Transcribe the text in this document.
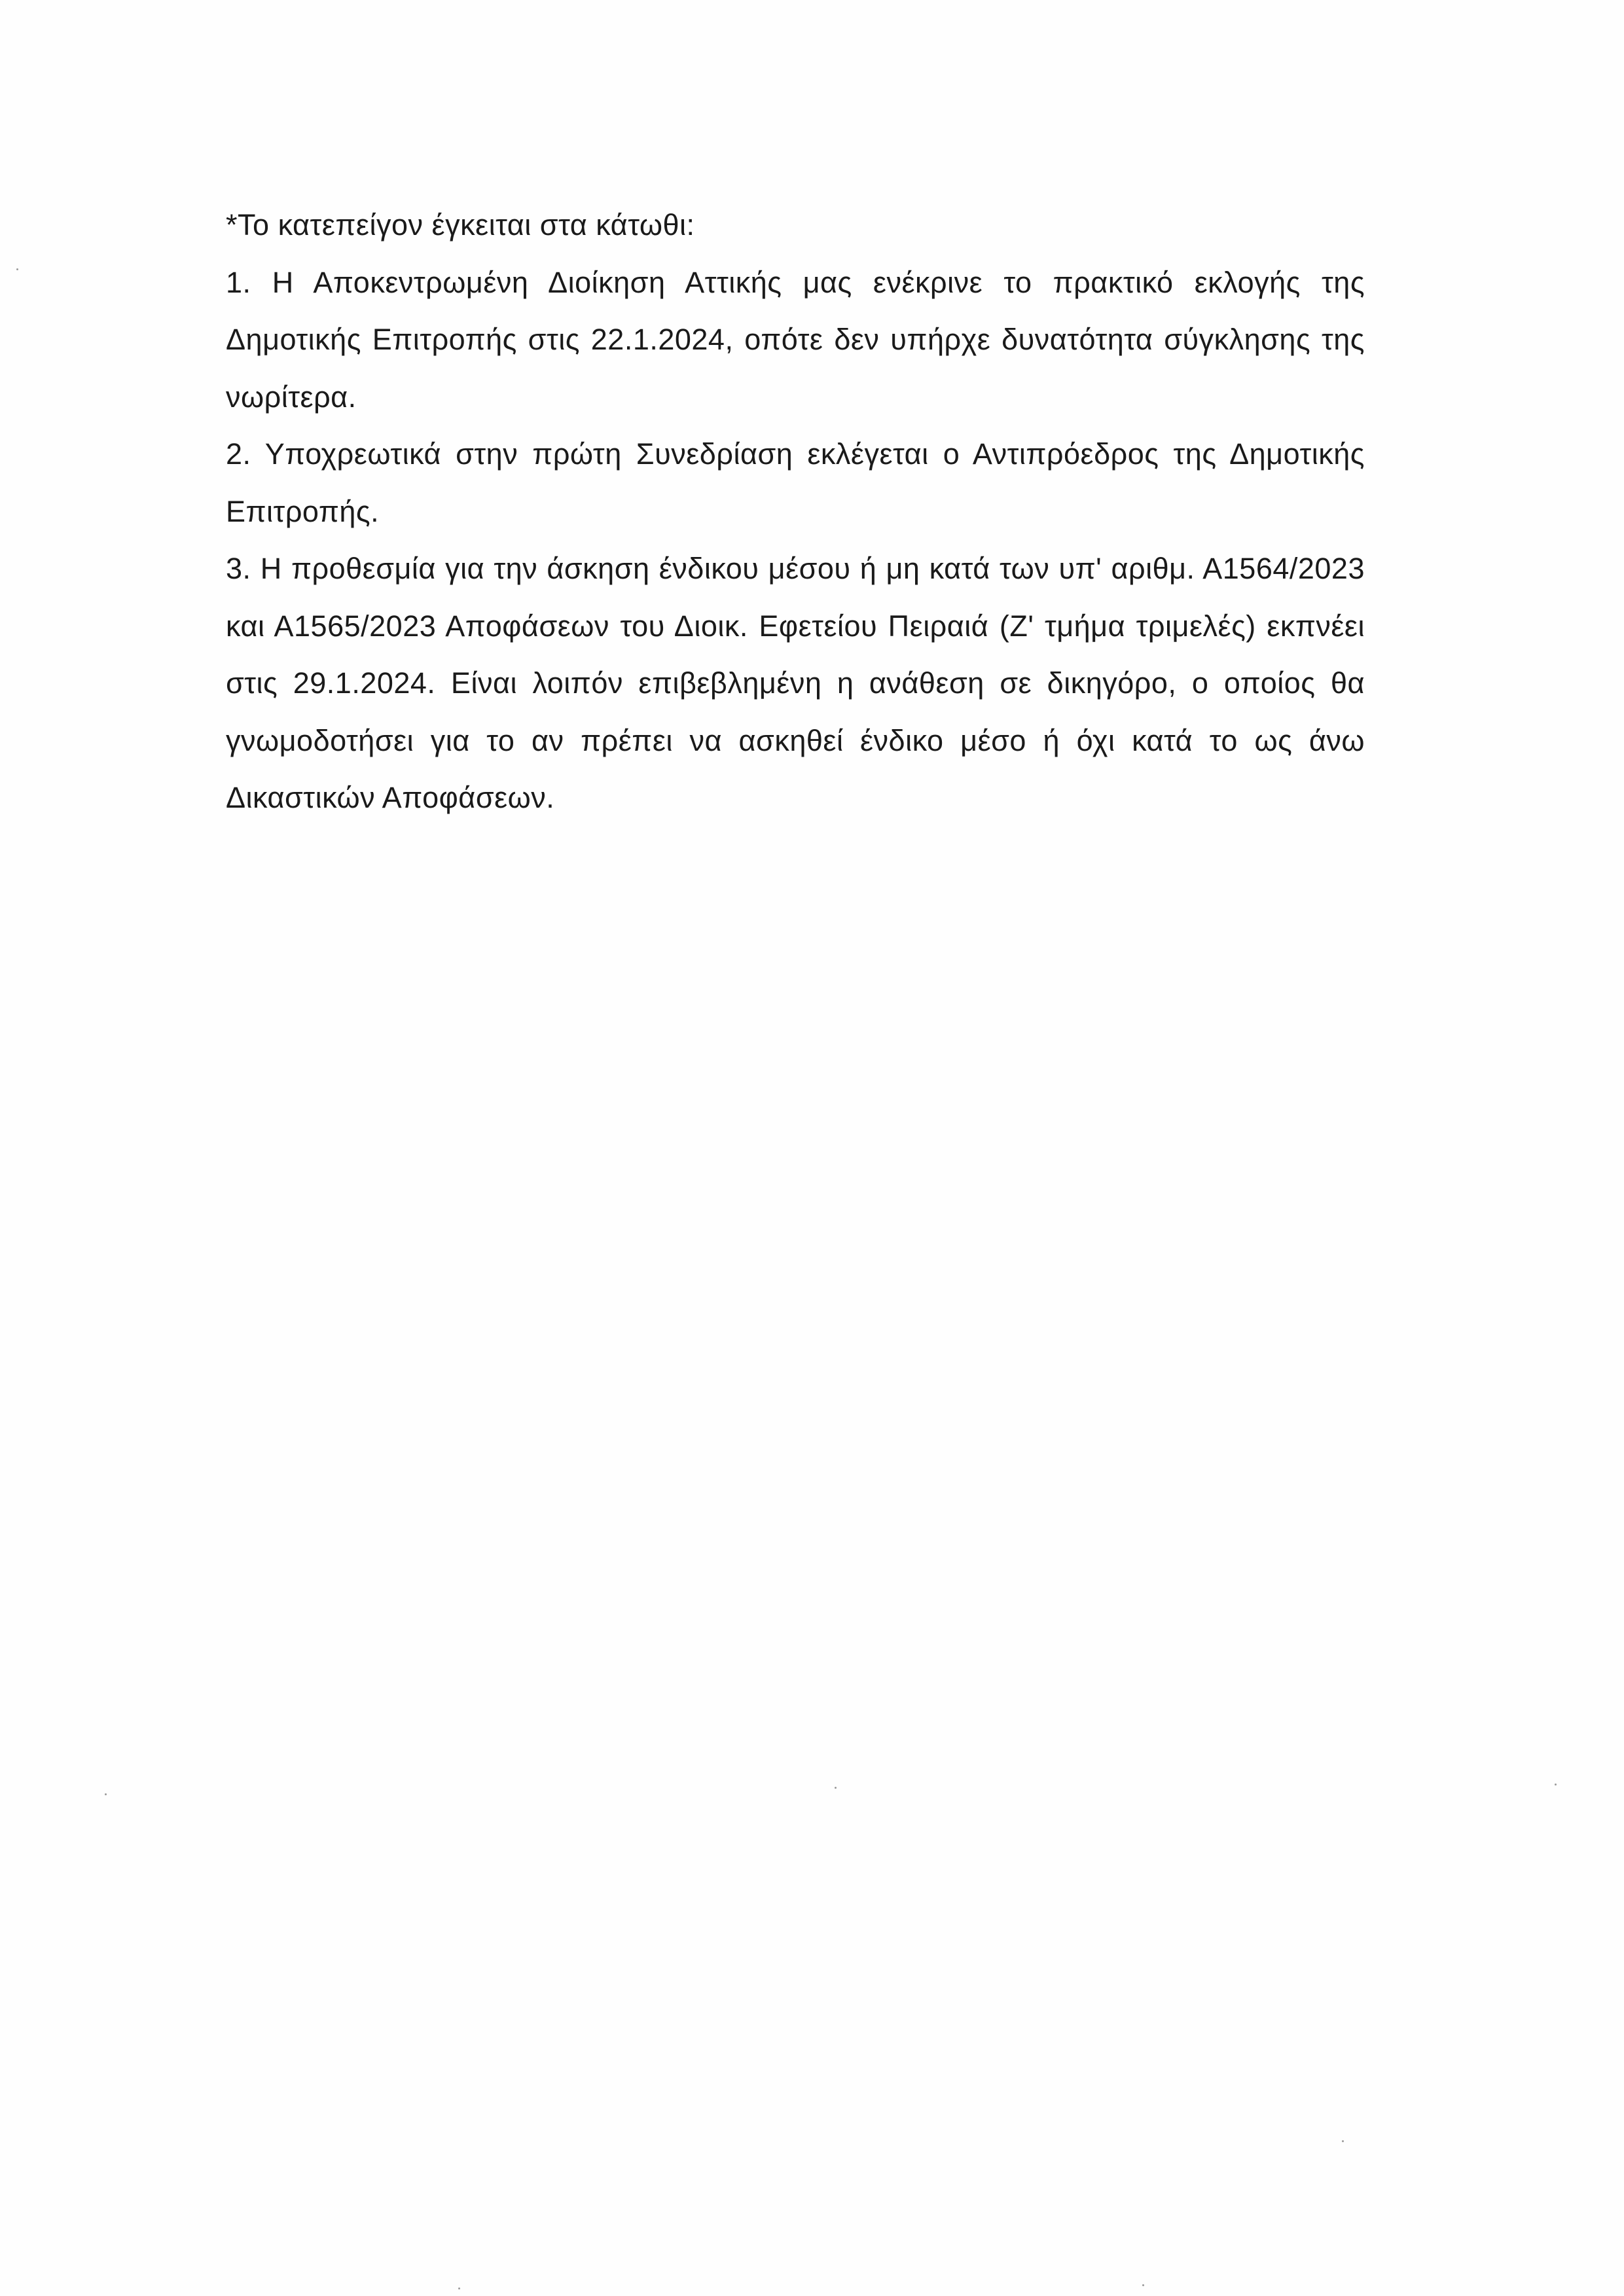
*Το κατεπείγον έγκειται στα κάτωθι:

1. Η Αποκεντρωμένη Διοίκηση Αττικής μας ενέκρινε το πρακτικό εκλογής της Δημοτικής Επιτροπής στις 22.1.2024, οπότε δεν υπήρχε δυνατότητα σύγκλησης της νωρίτερα.

2. Υποχρεωτικά στην πρώτη Συνεδρίαση εκλέγεται ο Αντιπρόεδρος της Δημοτικής Επιτροπής.

3. Η προθεσμία για την άσκηση ένδικου μέσου ή μη κατά των υπ' αριθμ. Α1564/2023 και Α1565/2023 Αποφάσεων του Διοικ. Εφετείου Πειραιά (Ζ' τμήμα τριμελές) εκπνέει στις 29.1.2024. Είναι λοιπόν επιβεβλημένη η ανάθεση σε δικηγόρο, ο οποίος θα γνωμοδοτήσει για το αν πρέπει να ασκηθεί ένδικο μέσο ή όχι κατά το ως άνω Δικαστικών Αποφάσεων.
